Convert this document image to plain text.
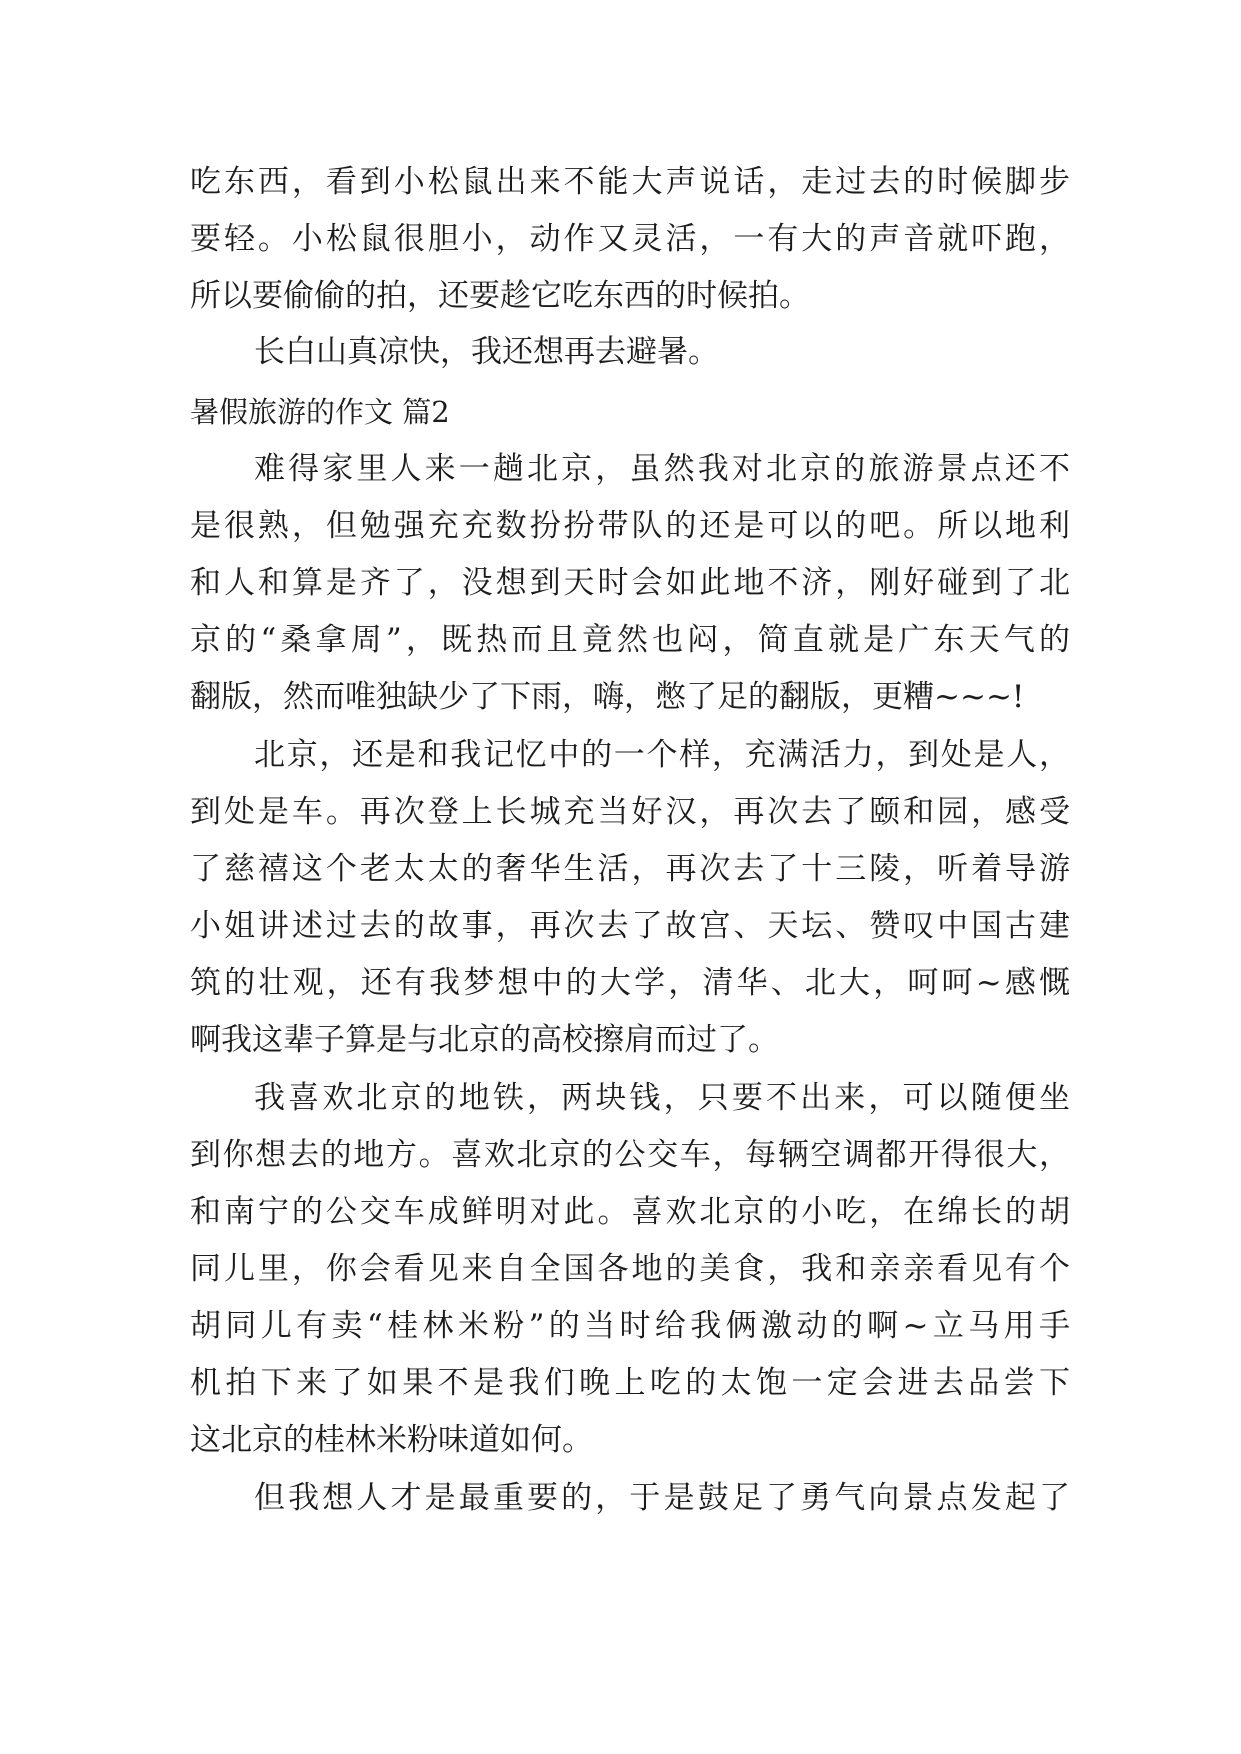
吃东西，看到小松鼠出来不能大声说话，走过去的时候脚步

要轻。小松鼠很胆小，动作又灵活，一有大的声音就吓跑，

所以要偷偷的拍，还要趁它吃东西的时候拍。

长白山真凉快，我还想再去避暑。

暑假旅游的作文 篇2

难得家里人来一趟北京，虽然我对北京的旅游景点还不

是很熟，但勉强充充数扮扮带队的还是可以的吧。所以地利

和人和算是齐了，没想到天时会如此地不济，刚好碰到了北

京的“桑拿周”，既热而且竟然也闷，简直就是广东天气的

翻版，然而唯独缺少了下雨，嗨，憋了足的翻版，更糟~~~!

北京，还是和我记忆中的一个样，充满活力，到处是人，

到处是车。再次登上长城充当好汉，再次去了颐和园，感受

了慈禧这个老太太的奢华生活，再次去了十三陵，听着导游

小姐讲述过去的故事，再次去了故宫、天坛、赞叹中国古建

筑的壮观，还有我梦想中的大学，清华、北大，呵呵~感慨

啊我这辈子算是与北京的高校擦肩而过了。

我喜欢北京的地铁，两块钱，只要不出来，可以随便坐

到你想去的地方。喜欢北京的公交车，每辆空调都开得很大，

和南宁的公交车成鲜明对此。喜欢北京的小吃，在绵长的胡

同儿里，你会看见来自全国各地的美食，我和亲亲看见有个

胡同儿有卖“桂林米粉”的当时给我俩激动的啊~立马用手

机拍下来了如果不是我们晚上吃的太饱一定会进去品尝下

这北京的桂林米粉味道如何。

但我想人才是最重要的，于是鼓足了勇气向景点发起了
